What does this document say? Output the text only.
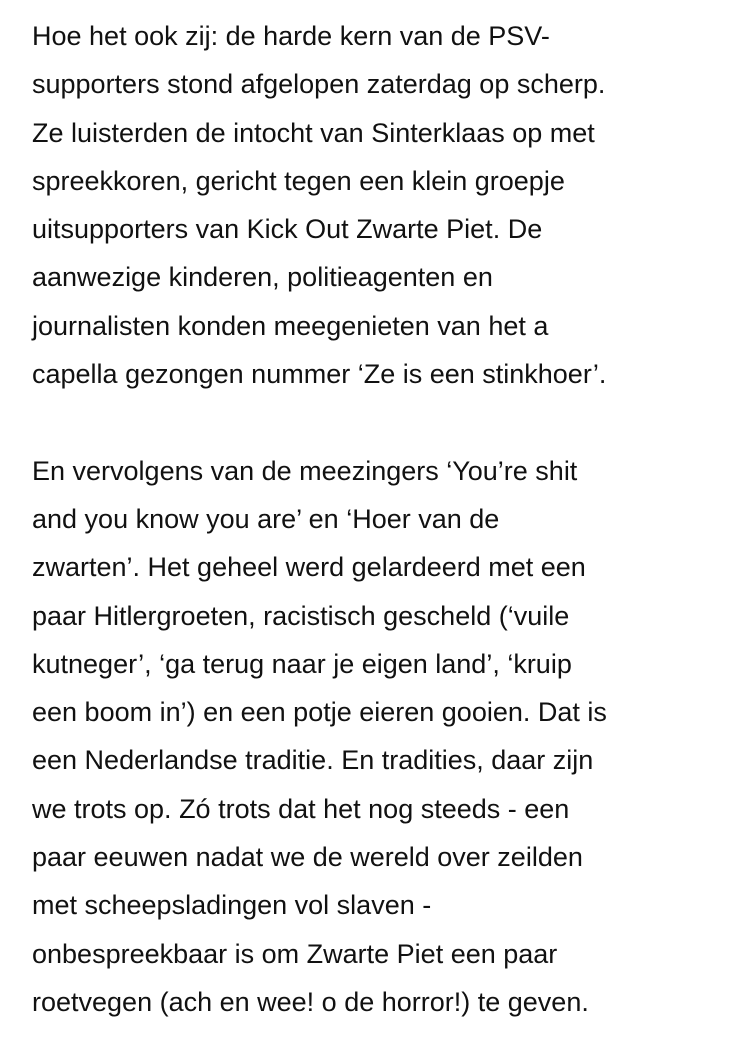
Hoe het ook zij: de harde kern van de PSV-
supporters stond afgelopen zaterdag op scherp.
Ze luisterden de intocht van Sinterklaas op met
spreekkoren, gericht tegen een klein groepje
uitsupporters van Kick Out Zwarte Piet. De
aanwezige kinderen, politieagenten en
journalisten konden meegenieten van het a
capella gezongen nummer ‘Ze is een stinkhoer’.

En vervolgens van de meezingers ‘You’re shit
and you know you are’ en ‘Hoer van de
zwarten’. Het geheel werd gelardeerd met een
paar Hitlergroeten, racistisch gescheld (‘vuile
kutneger’, ‘ga terug naar je eigen land’, ‘kruip
een boom in’) en een potje eieren gooien. Dat is
een Nederlandse traditie. En tradities, daar zijn
we trots op. Zó trots dat het nog steeds - een
paar eeuwen nadat we de wereld over zeilden
met scheepsladingen vol slaven -
onbespreekbaar is om Zwarte Piet een paar
roetvegen (ach en wee! o de horror!) te geven.
